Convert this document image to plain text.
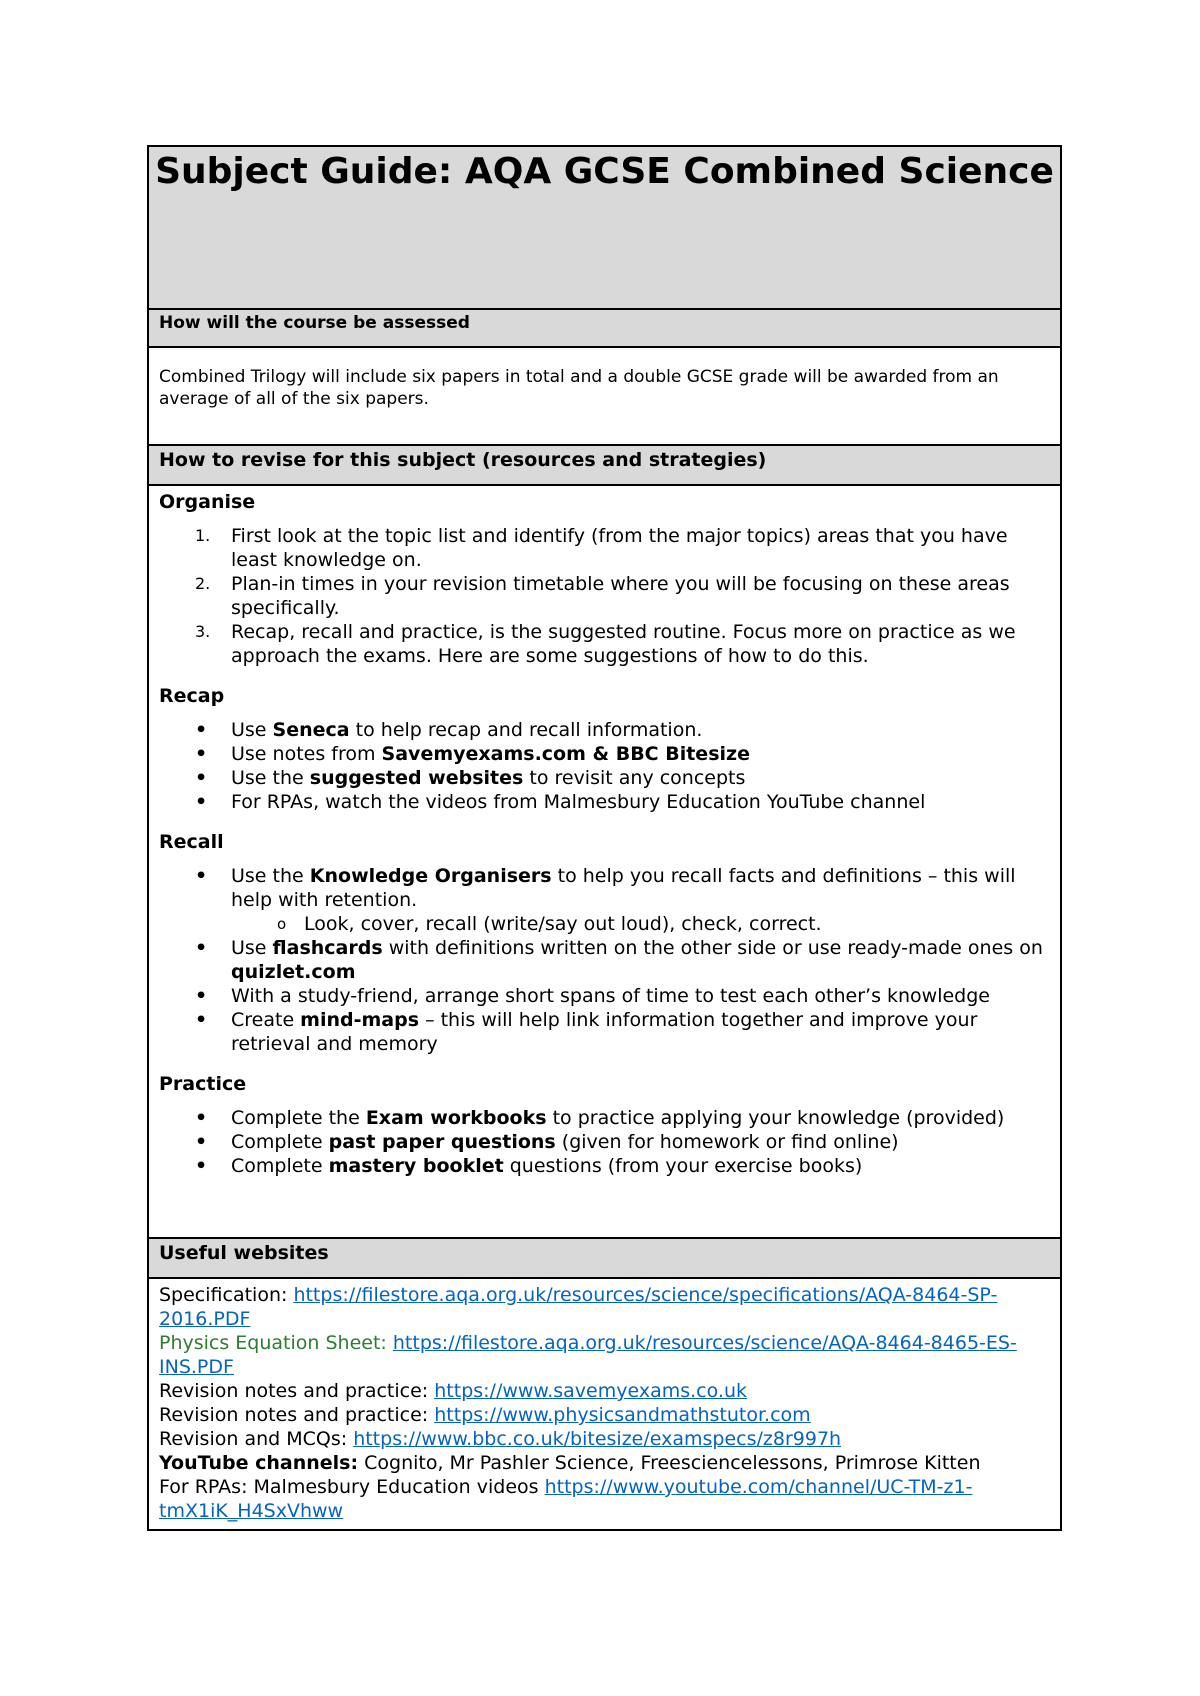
Subject Guide: AQA GCSE Combined Science
How will the course be assessed
Combined Trilogy will include six papers in total and a double GCSE grade will be awarded from an average of all of the six papers.
How to revise for this subject (resources and strategies)
Organise
1. First look at the topic list and identify (from the major topics) areas that you have least knowledge on.
2. Plan-in times in your revision timetable where you will be focusing on these areas specifically.
3. Recap, recall and practice, is the suggested routine. Focus more on practice as we approach the exams. Here are some suggestions of how to do this.
Recap
• Use Seneca to help recap and recall information.
• Use notes from Savemyexams.com & BBC Bitesize
• Use the suggested websites to revisit any concepts
• For RPAs, watch the videos from Malmesbury Education YouTube channel
Recall
• Use the Knowledge Organisers to help you recall facts and definitions – this will help with retention.
o Look, cover, recall (write/say out loud), check, correct.
• Use flashcards with definitions written on the other side or use ready-made ones on quizlet.com
• With a study-friend, arrange short spans of time to test each other’s knowledge
• Create mind-maps – this will help link information together and improve your retrieval and memory
Practice
• Complete the Exam workbooks to practice applying your knowledge (provided)
• Complete past paper questions (given for homework or find online)
• Complete mastery booklet questions (from your exercise books)
Useful websites
Specification: https://filestore.aqa.org.uk/resources/science/specifications/AQA-8464-SP-2016.PDF
Physics Equation Sheet: https://filestore.aqa.org.uk/resources/science/AQA-8464-8465-ES-INS.PDF
Revision notes and practice: https://www.savemyexams.co.uk
Revision notes and practice: https://www.physicsandmathstutor.com
Revision and MCQs: https://www.bbc.co.uk/bitesize/examspecs/z8r997h
YouTube channels: Cognito, Mr Pashler Science, Freesciencelessons, Primrose Kitten
For RPAs: Malmesbury Education videos https://www.youtube.com/channel/UC-TM-z1-tmX1iK_H4SxVhww
